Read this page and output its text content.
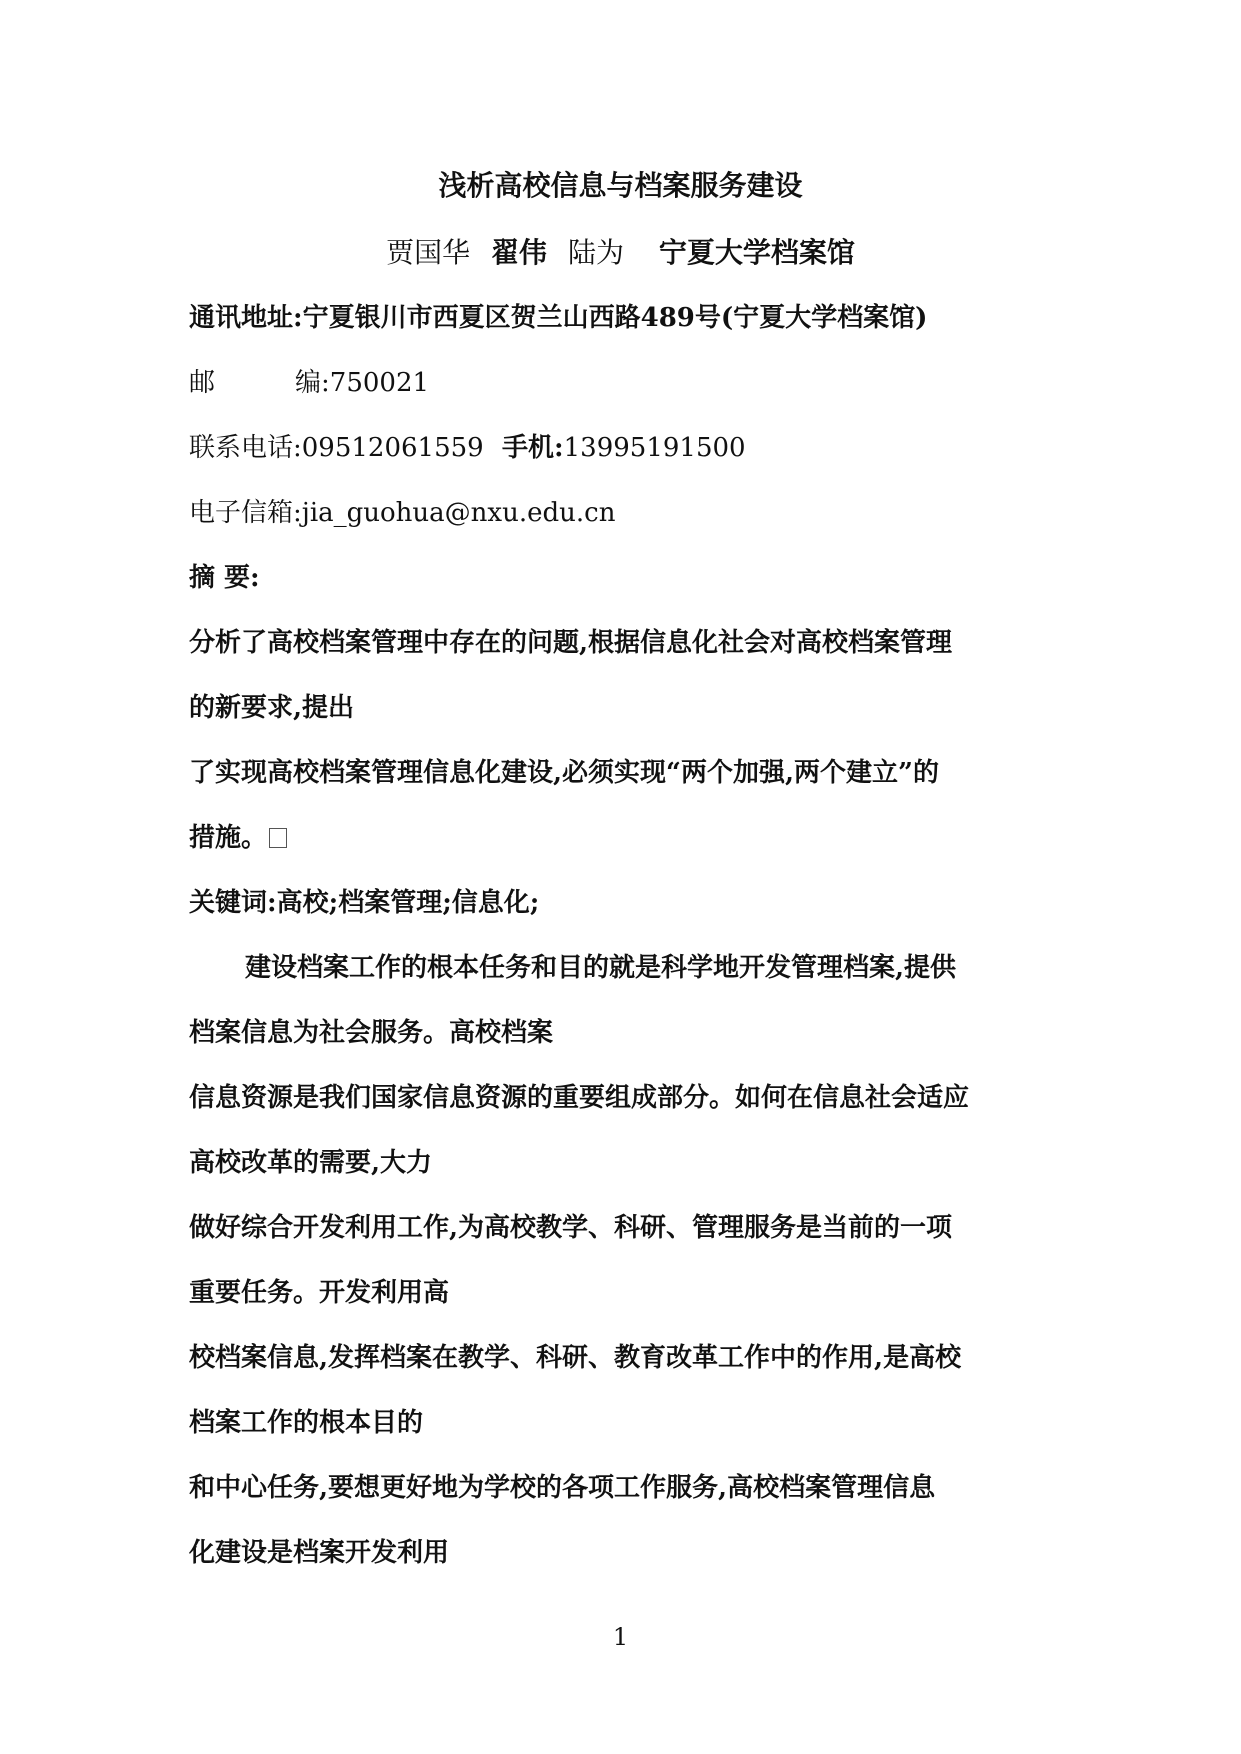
浅析高校信息与档案服务建设
贾国华 翟伟 陆为 宁夏大学档案馆
通讯地址:宁夏银川市西夏区贺兰山西路489号(宁夏大学档案馆)
邮	编:750021
联系电话:09512061559 手机:13995191500
电子信箱:jia_guohua@nxu.edu.cn
摘 要:
分析了高校档案管理中存在的问题,根据信息化社会对高校档案管理
的新要求,提出
了实现高校档案管理信息化建设,必须实现“两个加强,两个建立”的
措施。
关键词:高校;档案管理;信息化;
建设档案工作的根本任务和目的就是科学地开发管理档案,提供
档案信息为社会服务。高校档案
信息资源是我们国家信息资源的重要组成部分。如何在信息社会适应
高校改革的需要,大力
做好综合开发利用工作,为高校教学、科研、管理服务是当前的一项
重要任务。开发利用高
校档案信息,发挥档案在教学、科研、教育改革工作中的作用,是高校
档案工作的根本目的
和中心任务,要想更好地为学校的各项工作服务,高校档案管理信息
化建设是档案开发利用
1
